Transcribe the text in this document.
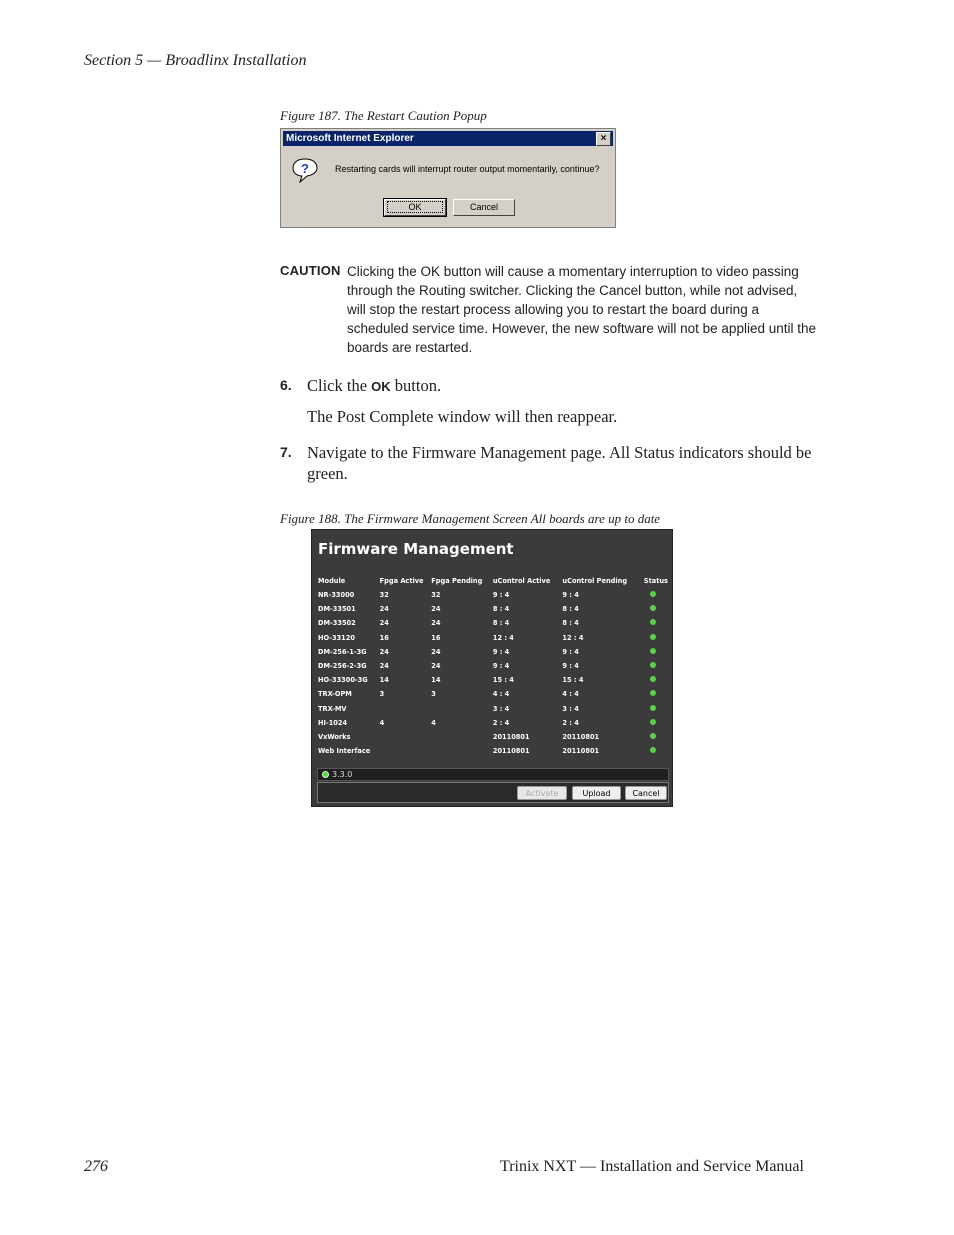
Section 5 — Broadlinx Installation
Figure 187. The Restart Caution Popup
Microsoft Internet Explorer	×
?	Restarting cards will interrupt router output momentarily, continue?
OK	Cancel
CAUTION Clicking the OK button will cause a momentary interruption to video passing through the Routing switcher. Clicking the Cancel button, while not advised, will stop the restart process allowing you to restart the board during a scheduled service time. However, the new software will not be applied until the boards are restarted.
6. Click the OK button.
The Post Complete window will then reappear.
7. Navigate to the Firmware Management page. All Status indicators should be green.
Figure 188. The Firmware Management Screen All boards are up to date
Firmware Management
Module	Fpga Active	Fpga Pending	uControl Active	uControl Pending	Status
NR-33000	32	32	9 : 4	9 : 4	
DM-33501	24	24	8 : 4	8 : 4	
DM-33502	24	24	8 : 4	8 : 4	
HO-33120	16	16	12 : 4	12 : 4	
DM-256-1-3G	24	24	9 : 4	9 : 4	
DM-256-2-3G	24	24	9 : 4	9 : 4	
HO-33300-3G	14	14	15 : 4	15 : 4	
TRX-OPM	3	3	4 : 4	4 : 4	
TRX-MV			3 : 4	3 : 4	
HI-1024	4	4	2 : 4	2 : 4	
VxWorks			20110801	20110801	
Web Interface			20110801	20110801	
3.3.0
Activate	Upload	Cancel
276	Trinix NXT — Installation and Service Manual
